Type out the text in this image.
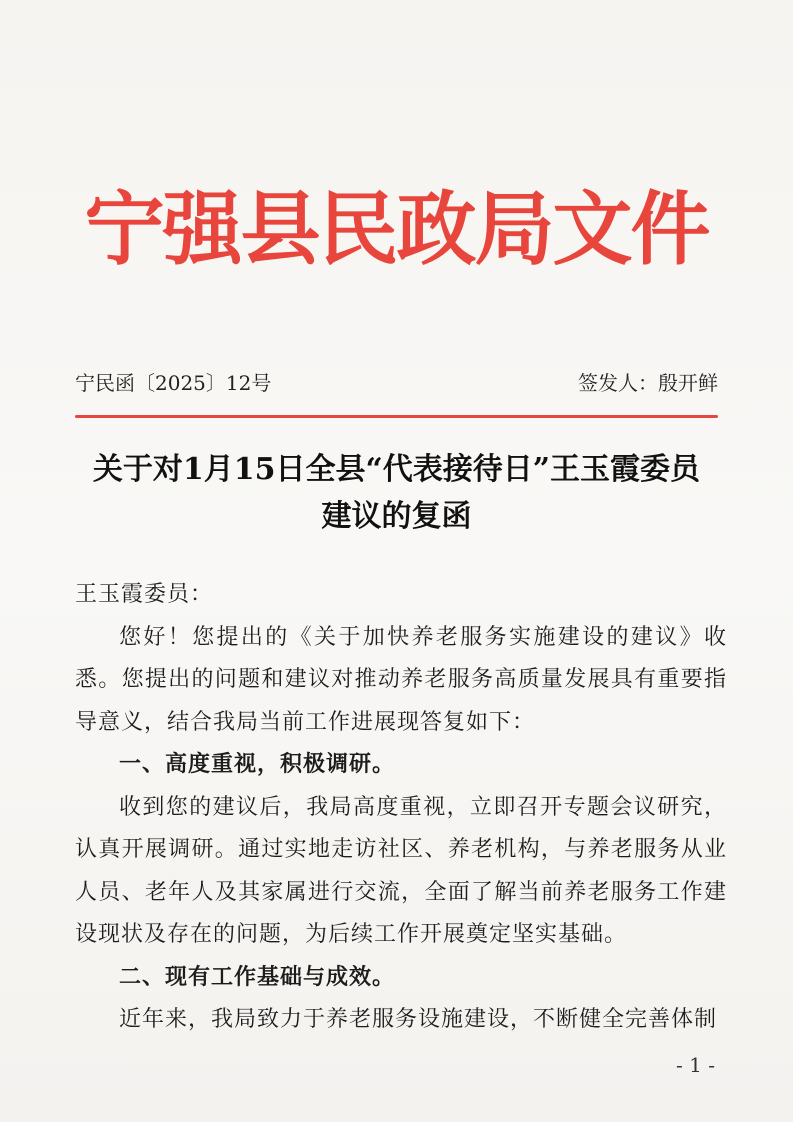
宁强县民政局文件
宁民函〔2025〕12号	签发人：殷开鲜
关于对1月15日全县“代表接待日”王玉霞委员
建议的复函

王玉霞委员：

您好！您提出的《关于加快养老服务实施建设的建议》收悉。您提出的问题和建议对推动养老服务高质量发展具有重要指导意义，结合我局当前工作进展现答复如下：

一、高度重视，积极调研。

收到您的建议后，我局高度重视，立即召开专题会议研究，认真开展调研。通过实地走访社区、养老机构，与养老服务从业人员、老年人及其家属进行交流，全面了解当前养老服务工作建设现状及存在的问题，为后续工作开展奠定坚实基础。

二、现有工作基础与成效。

近年来，我局致力于养老服务设施建设，不断健全完善体制

- 1 -
